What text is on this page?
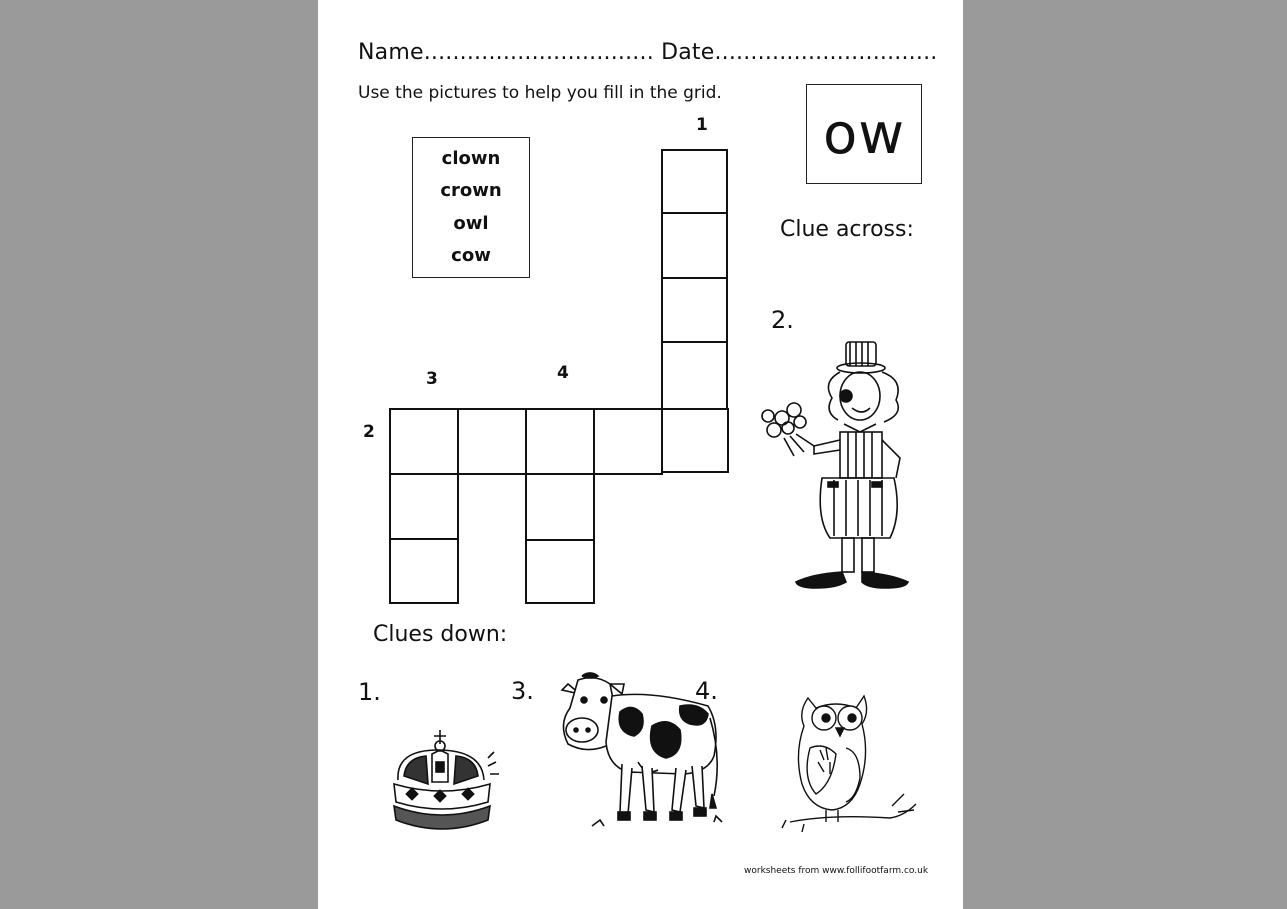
Name................................ Date...............................
Use the pictures to help you fill in the grid.
ow
clown
crown
owl
cow
1
2
3	4
Clue across:
2.
Clues down:
1.	3.	4.
worksheets from www.follifootfarm.co.uk
